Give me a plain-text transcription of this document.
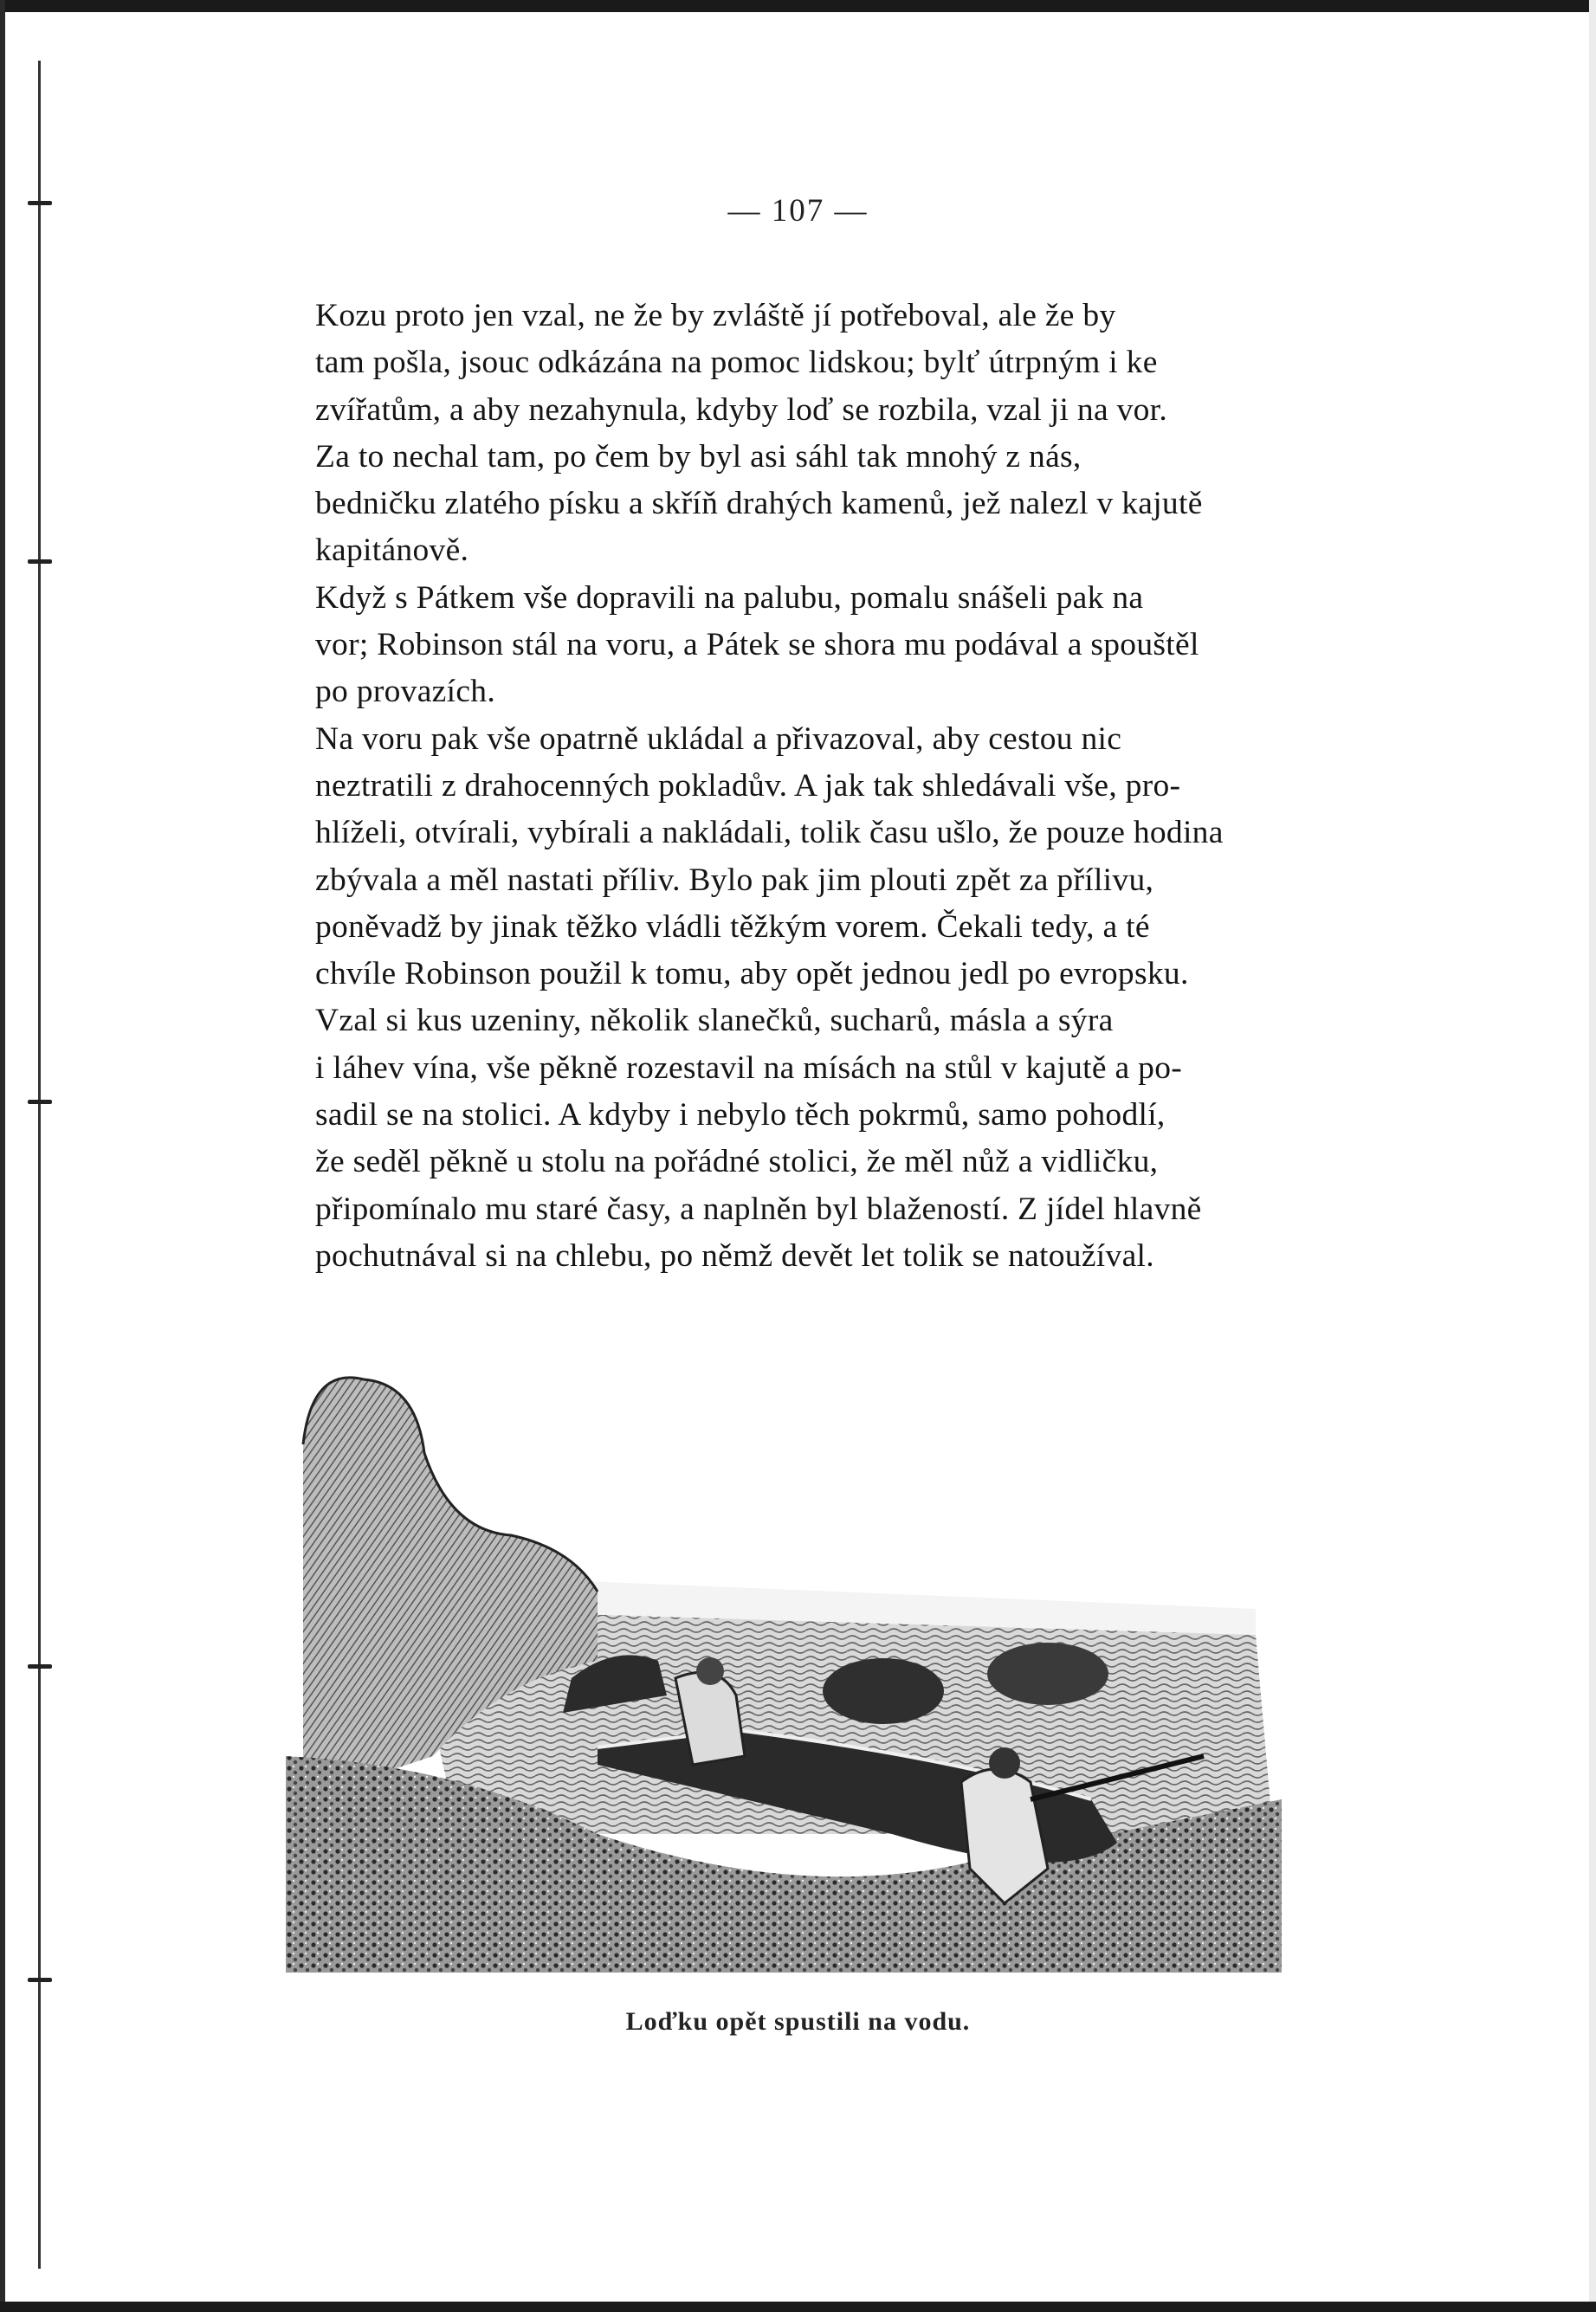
— 107 —

Kozu proto jen vzal, ne že by zvláště jí potřeboval, ale že by
tam pošla, jsouc odkázána na pomoc lidskou; bylť útrpným i ke
zvířatům, a aby nezahynula, kdyby loď se rozbila, vzal ji na vor.

Za to nechal tam, po čem by byl asi sáhl tak mnohý z nás,
bedničku zlatého písku a skříň drahých kamenů, jež nalezl v kajutě
kapitánově.

Když s Pátkem vše dopravili na palubu, pomalu snášeli pak na
vor; Robinson stál na voru, a Pátek se shora mu podával a spouštěl
po provazích.

Na voru pak vše opatrně ukládal a přivazoval, aby cestou nic
neztratili z drahocenných pokladův. A jak tak shledávali vše, pro-
hlíželi, otvírali, vybírali a nakládali, tolik času ušlo, že pouze hodina
zbývala a měl nastati příliv. Bylo pak jim plouti zpět za přílivu,
poněvadž by jinak těžko vládli těžkým vorem. Čekali tedy, a té
chvíle Robinson použil k tomu, aby opět jednou jedl po evropsku.

Vzal si kus uzeniny, několik slanečků, sucharů, másla a sýra
i láhev vína, vše pěkně rozestavil na mísách na stůl v kajutě a po-
sadil se na stolici. A kdyby i nebylo těch pokrmů, samo pohodlí,
že seděl pěkně u stolu na pořádné stolici, že měl nůž a vidličku,
připomínalo mu staré časy, a naplněn byl blažeností. Z jídel hlavně
pochutnával si na chlebu, po němž devět let tolik se natoužíval.

Loďku opět spustili na vodu.
